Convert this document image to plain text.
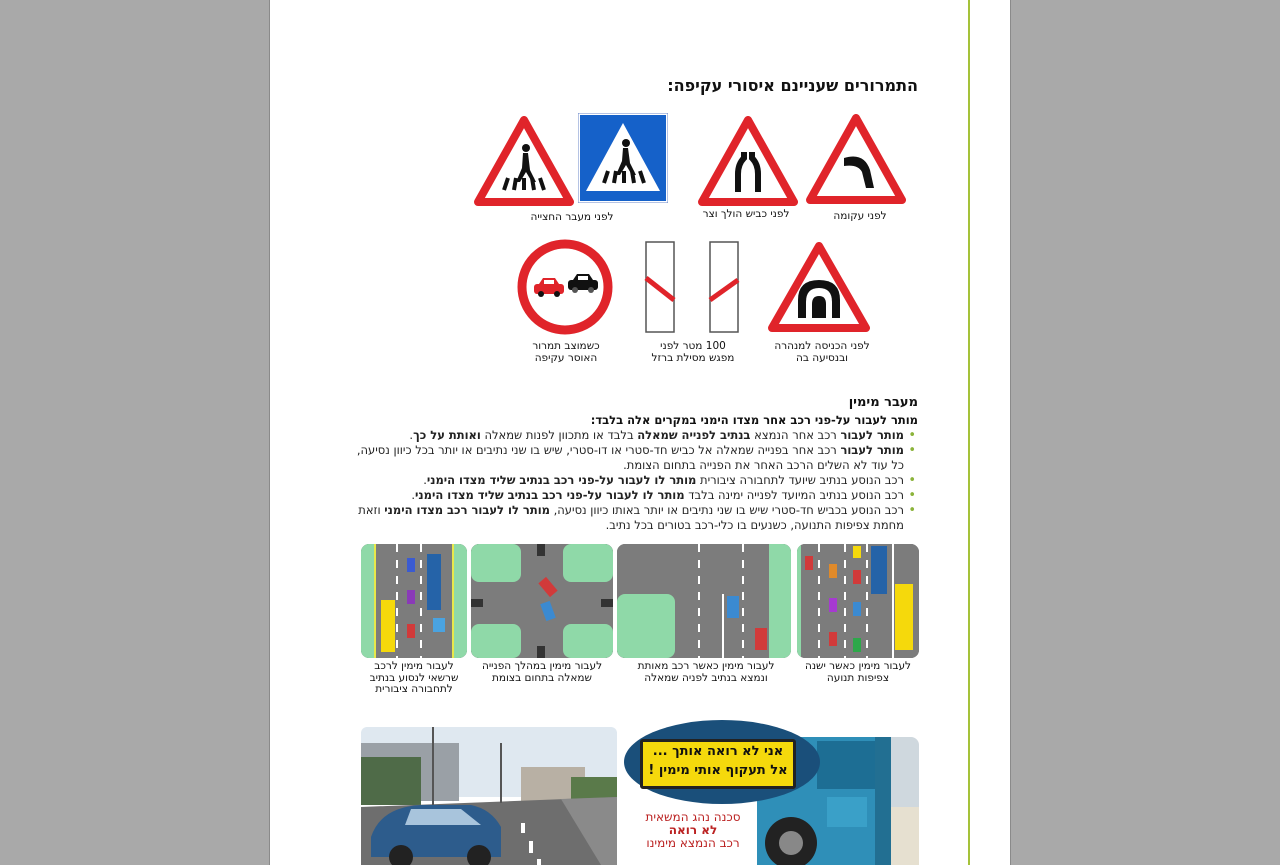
התמרורים שעניינם איסורי עקיפה:
לפני מעבר החצייה	לפני כביש הולך וצר	לפני עקומה
כשמוצב תמרור
האוסר עקיפה
100 מטר לפני
מפגש מסילת ברזל
לפני הכניסה למנהרה
ובנסיעה בה
מעבר מימין
מותר לעבור על-פני רכב אחר מצדו הימני במקרים אלה בלבד:
• מותר לעבור רכב אחר הנמצא בנתיב לפנייה שמאלה בלבד או מתכוון לפנות שמאלה ואותת על כך.
• מותר לעבור רכב אחר בפנייה שמאלה אל כביש חד-סטרי או דו-סטרי, שיש בו שני נתיבים או יותר בכל כיוון נסיעה, כל עוד לא השלים הרכב האחר את הפנייה בתחום הצומת.
• רכב הנוסע בנתיב שיועד לתחבורה ציבורית מותר לו לעבור על-פני רכב בנתיב שליד מצדו הימני.
• רכב הנוסע בנתיב המיועד לפנייה ימינה בלבד מותר לו לעבור על-פני רכב בנתיב שליד מצדו הימני.
• רכב הנוסע בכביש חד-סטרי שיש בו שני נתיבים או יותר באותו כיוון נסיעה, מותר לו לעבור רכב מצדו הימני וזאת מחמת צפיפות התנועה, כשנעים בו כלי-רכב בטורים בכל נתיב.
לעבור מימין לרכב
שרשאי לנסוע בנתיב
לתחבורה ציבורית
לעבור מימין במהלך הפנייה
שמאלה בתחום בצומת
לעבור מימין כאשר רכב מאותת
ונמצא בנתיב לפניה שמאלה
לעבור מימין כאשר ישנה
צפיפות תנועה
אני לא רואה אותך ...
אל תעקוף אותי מימין !
סכנה נהג המשאית
לא רואה
רכב הנמצא מימינו
